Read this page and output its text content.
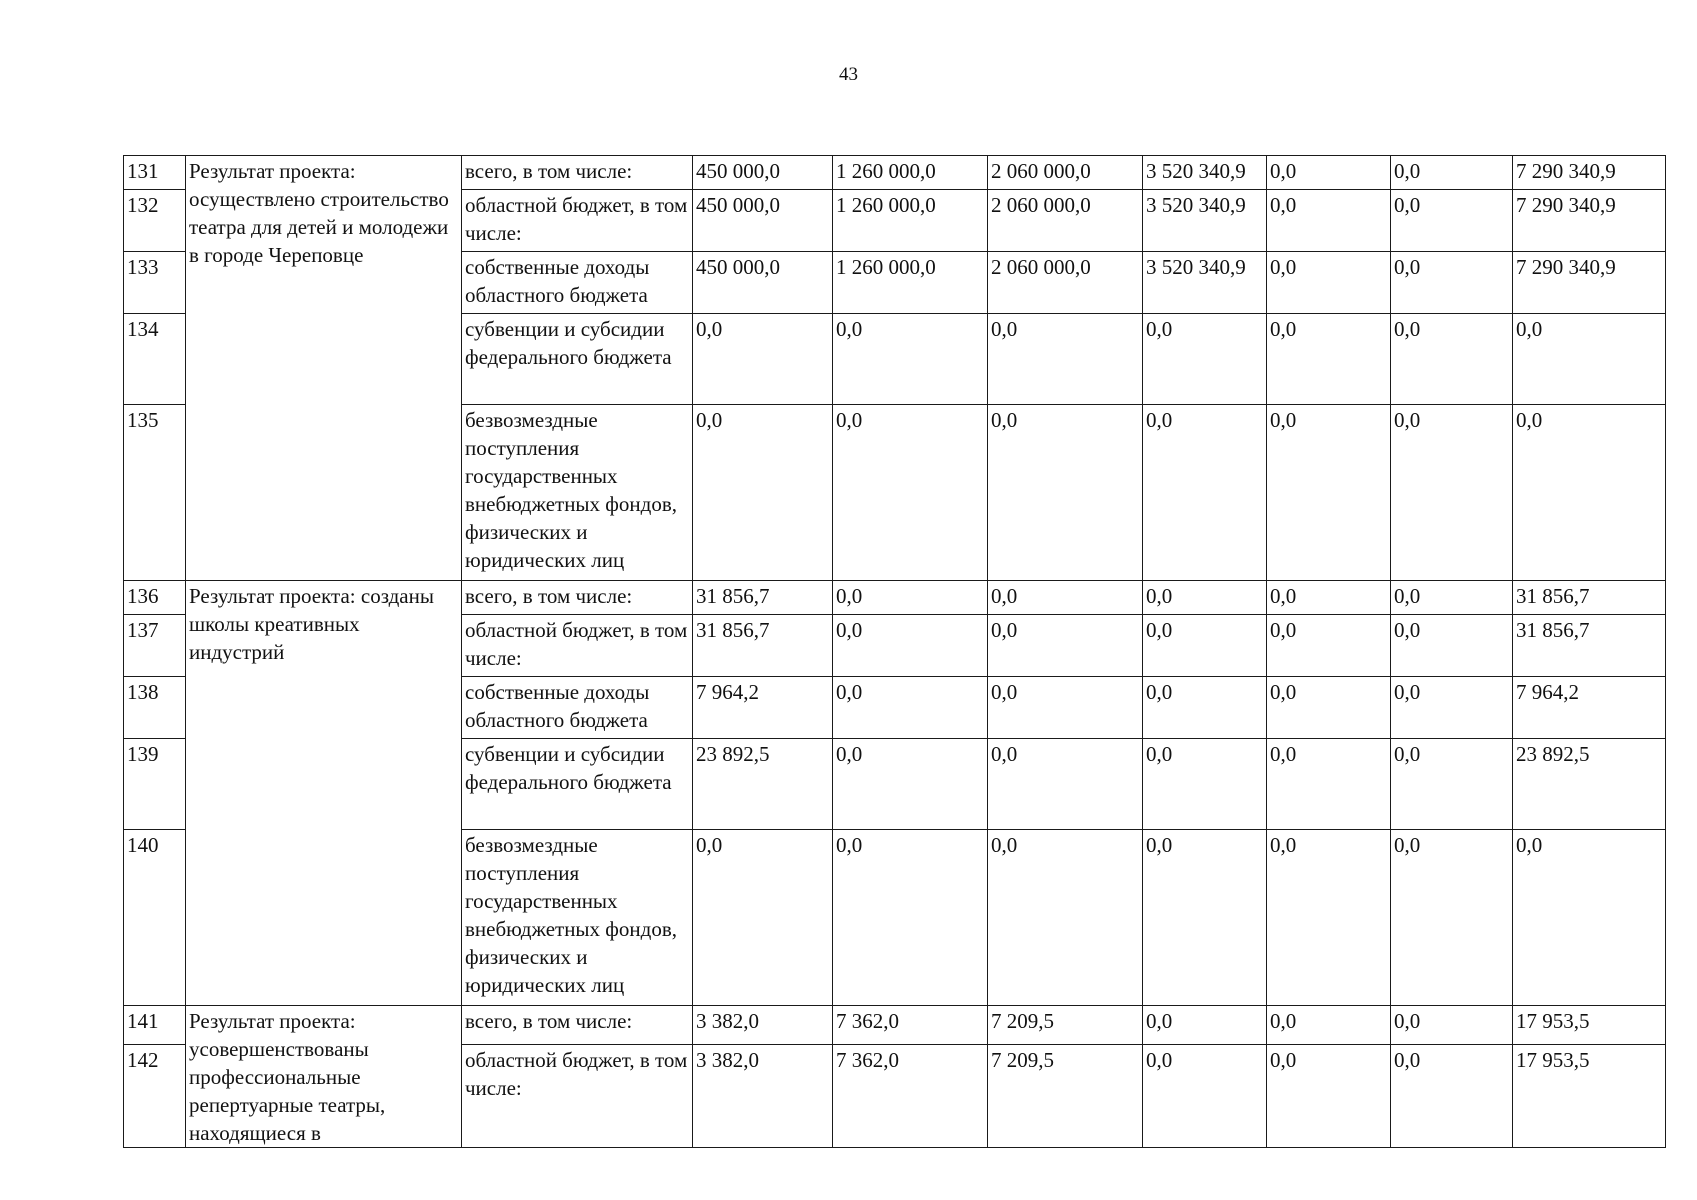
43
131	Результат проекта: осуществлено строительство театра для детей и молодежи в городе Череповце	всего, в том числе:	450 000,0	1 260 000,0	2 060 000,0	3 520 340,9	0,0	0,0	7 290 340,9
132		областной бюджет, в том числе:	450 000,0	1 260 000,0	2 060 000,0	3 520 340,9	0,0	0,0	7 290 340,9
133		собственные доходы областного бюджета	450 000,0	1 260 000,0	2 060 000,0	3 520 340,9	0,0	0,0	7 290 340,9
134		субвенции и субсидии федерального бюджета	0,0	0,0	0,0	0,0	0,0	0,0	0,0
135		безвозмездные поступления государственных внебюджетных фондов, физических и юридических лиц	0,0	0,0	0,0	0,0	0,0	0,0	0,0
136	Результат проекта: созданы школы креативных индустрий	всего, в том числе:	31 856,7	0,0	0,0	0,0	0,0	0,0	31 856,7
137		областной бюджет, в том числе:	31 856,7	0,0	0,0	0,0	0,0	0,0	31 856,7
138		собственные доходы областного бюджета	7 964,2	0,0	0,0	0,0	0,0	0,0	7 964,2
139		субвенции и субсидии федерального бюджета	23 892,5	0,0	0,0	0,0	0,0	0,0	23 892,5
140		безвозмездные поступления государственных внебюджетных фондов, физических и юридических лиц	0,0	0,0	0,0	0,0	0,0	0,0	0,0
141	Результат проекта: усовершенствованы профессиональные репертуарные театры, находящиеся в	всего, в том числе:	3 382,0	7 362,0	7 209,5	0,0	0,0	0,0	17 953,5
142		областной бюджет, в том числе:	3 382,0	7 362,0	7 209,5	0,0	0,0	0,0	17 953,5
